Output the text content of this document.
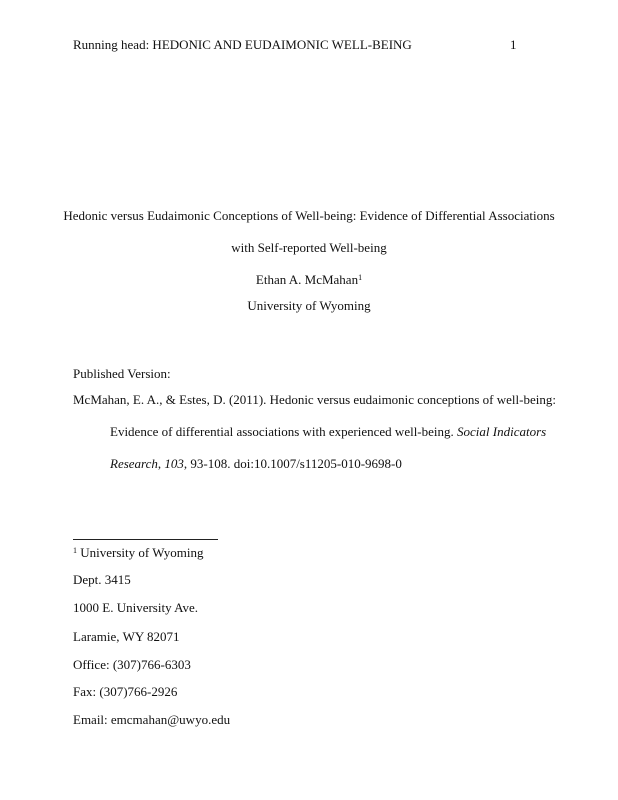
Running head: HEDONIC AND EUDAIMONIC WELL-BEING	1
Hedonic versus Eudaimonic Conceptions of Well-being: Evidence of Differential Associations
with Self-reported Well-being
Ethan A. McMahan$^1$
University of Wyoming
Published Version:
McMahan, E. A., & Estes, D. (2011). Hedonic versus eudaimonic conceptions of well-being:
Evidence of differential associations with experienced well-being. Social Indicators
Research, 103, 93-108. doi:10.1007/s11205-010-9698-0
$^1$ University of Wyoming
Dept. 3415
1000 E. University Ave.
Laramie, WY 82071
Office: (307)766-6303
Fax: (307)766-2926
Email: emcmahan@uwyo.edu
